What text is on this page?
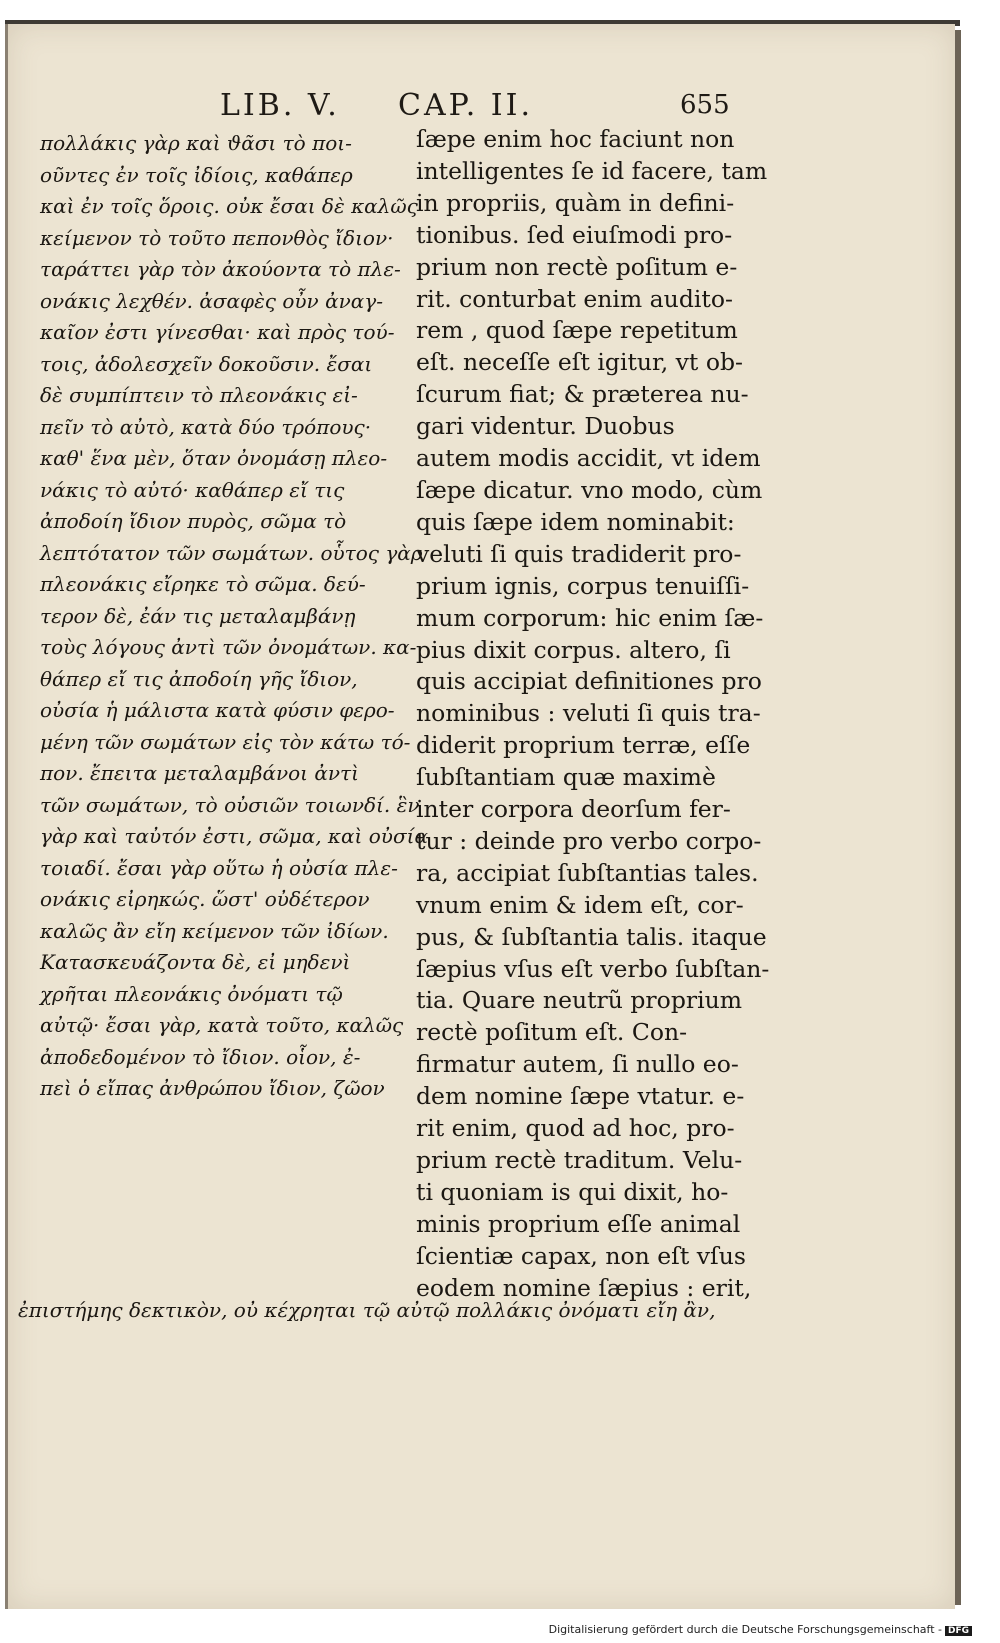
LIB. V. CAP. II.	655
πολλάκις γὰρ καὶ ϑᾶσι τὸ ποι-
οῦντες ἐν τοῖς ἰδίοις, καθάπερ
καὶ ἐν τοῖς ὅροις. οὐκ ἔσαι δὲ καλῶς
κείμενον τὸ τοῦτο πεπονθὸς ἴδιον·
ταράττει γὰρ τὸν ἀκούοντα τὸ πλε-
ονάκις λεχθέν. ἀσαφὲς οὖν ἀναγ-
καῖον ἐστι γίνεσθαι· καὶ πρὸς τού-
τοις, ἀδολεσχεῖν δοκοῦσιν. ἔσαι
δὲ συμπίπτειν τὸ πλεονάκις εἰ-
πεῖν τὸ αὐτὸ, κατὰ δύο τρόπους·
καθ' ἕνα μὲν, ὅταν ὀνομάσῃ πλεο-
νάκις τὸ αὐτό· καθάπερ εἴ τις
ἀποδοίη ἴδιον πυρὸς, σῶμα τὸ
λεπτότατον τῶν σωμάτων. οὗτος γὰρ
πλεονάκις εἴρηκε τὸ σῶμα. δεύ-
τερον δὲ, ἐάν τις μεταλαμβάνῃ
τοὺς λόγους ἀντὶ τῶν ὀνομάτων. κα-
θάπερ εἴ τις ἀποδοίη γῆς ἴδιον,
οὐσία ἡ μάλιστα κατὰ φύσιν φερο-
μένη τῶν σωμάτων εἰς τὸν κάτω τό-
πον. ἔπειτα μεταλαμβάνοι ἀντὶ
τῶν σωμάτων, τὸ οὐσιῶν τοιωνδί. ἓν
γὰρ καὶ ταὐτόν ἐστι, σῶμα, καὶ οὐσία
τοιαδί. ἔσαι γὰρ οὕτω ἡ οὐσία πλε-
ονάκις εἰρηκώς. ὥστ' οὐδέτερον
καλῶς ἂν εἴη κείμενον τῶν ἰδίων.
Κατασκευάζοντα δὲ, εἰ μηδενὶ
χρῆται πλεονάκις ὀνόματι τῷ
αὐτῷ· ἔσαι γὰρ, κατὰ τοῦτο, καλῶς
ἀποδεδομένον τὸ ἴδιον. οἷον, ἐ-
πεὶ ὁ εἴπας ἀνθρώπου ἴδιον, ζῶον
ſæpe enim hoc faciunt non
intelligentes ſe id facere, tam
in propriis, quàm in defini-
tionibus. ſed eiuſmodi pro-
prium non rectè poſitum e-
rit. conturbat enim audito-
rem , quod ſæpe repetitum
eſt. neceſſe eſt igitur, vt ob-
ſcurum fiat; & præterea nu-
gari videntur. Duobus
autem modis accidit, vt idem
ſæpe dicatur. vno modo, cùm
quis ſæpe idem nominabit:
veluti ſi quis tradiderit pro-
prium ignis, corpus tenuiſſi-
mum corporum: hic enim ſæ-
pius dixit corpus. altero, ſi
quis accipiat definitiones pro
nominibus : veluti ſi quis tra-
diderit proprium terræ, eſſe
ſubſtantiam quæ maximè
inter corpora deorſum fer-
tur : deinde pro verbo corpo-
ra, accipiat ſubſtantias tales.
vnum enim & idem eſt, cor-
pus, & ſubſtantia talis. itaque
ſæpius vſus eſt verbo ſubſtan-
tia. Quare neutrũ proprium
rectè poſitum eſt. Con-
firmatur autem, ſi nullo eo-
dem nomine ſæpe vtatur. e-
rit enim, quod ad hoc, pro-
prium rectè traditum. Velu-
ti quoniam is qui dixit, ho-
minis proprium eſſe animal
ſcientiæ capax, non eſt vſus
eodem nomine ſæpius : erit,
ἐπιστήμης δεκτικὸν, οὐ κέχρηται τῷ αὐτῷ πολλάκις ὀνόματι εἴη ἂν,
Digitalisierung gefördert durch die Deutsche Forschungsgemeinschaft - DFG
